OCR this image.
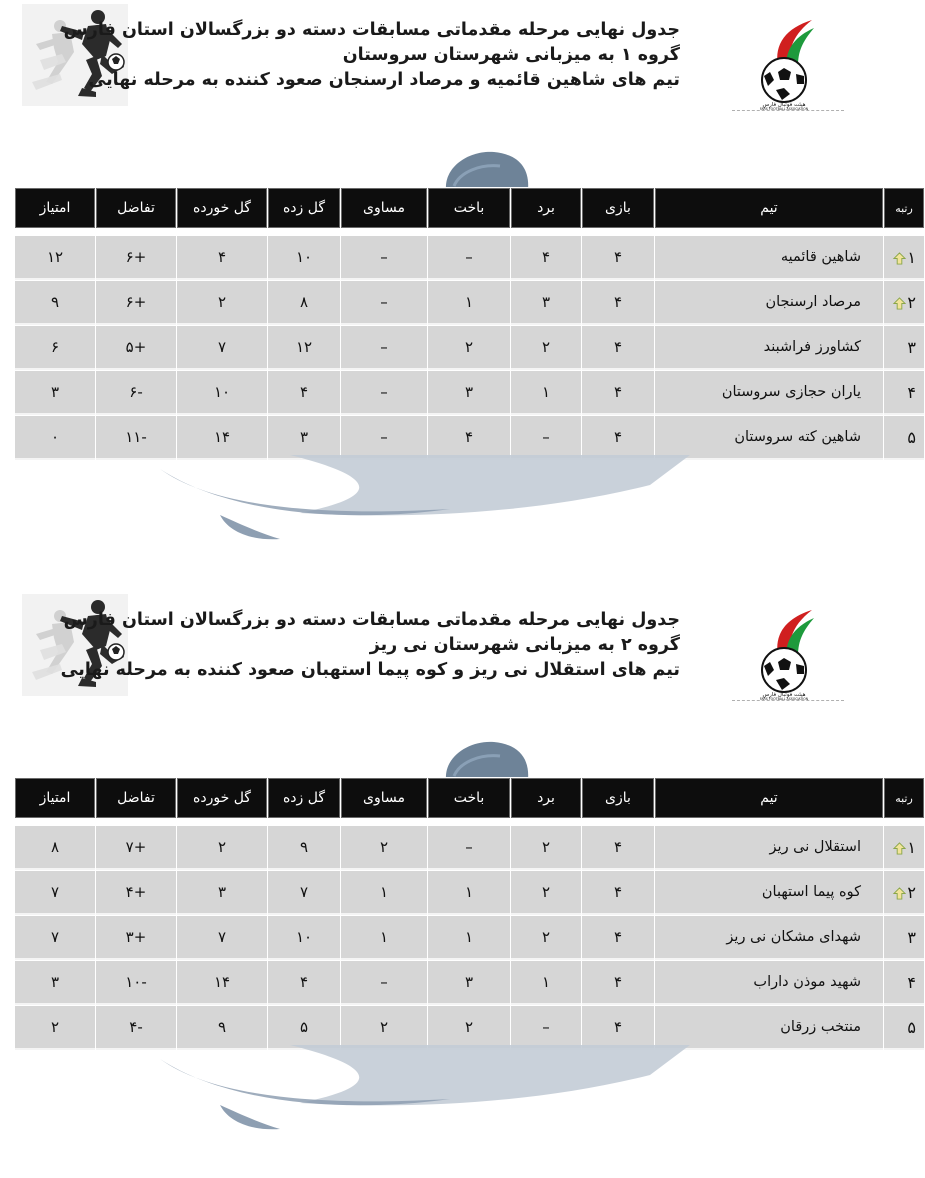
جدول نهایی مرحله مقدماتی مسابقات دسته دو بزرگسالان استان فارس
گروه ۱ به میزبانی شهرستان سروستان
تیم های شاهین قائمیه و مرصاد ارسنجان صعود کننده به مرحله نهایی
هیئت فوتبال فارس
FARS FOOTBALL ASSOCIATION
رتبه	تیم	بازی	برد	باخت	مساوی	گل زده	گل خورده	تفاضل	امتیاز

۱	شاهین قائمیه	۴	۴	–	–	۱۰	۴	+۶	۱۲
۲	مرصاد ارسنجان	۴	۳	۱	–	۸	۲	+۶	۹
۳	کشاورز فراشبند	۴	۲	۲	–	۱۲	۷	+۵	۶
۴	یاران حجازی سروستان	۴	۱	۳	–	۴	۱۰	-۶	۳
۵	شاهین کته سروستان	۴	–	۴	–	۳	۱۴	-۱۱	۰
جدول نهایی مرحله مقدماتی مسابقات دسته دو بزرگسالان استان فارس
گروه ۲ به میزبانی شهرستان نی ریز
تیم های استقلال نی ریز و کوه پیما استهبان صعود کننده به مرحله نهایی
هیئت فوتبال فارس
FARS FOOTBALL ASSOCIATION
رتبه	تیم	بازی	برد	باخت	مساوی	گل زده	گل خورده	تفاضل	امتیاز

۱	استقلال نی ریز	۴	۲	–	۲	۹	۲	+۷	۸
۲	کوه پیما استهبان	۴	۲	۱	۱	۷	۳	+۴	۷
۳	شهدای مشکان نی ریز	۴	۲	۱	۱	۱۰	۷	+۳	۷
۴	شهید موذن داراب	۴	۱	۳	–	۴	۱۴	-۱۰	۳
۵	منتخب زرقان	۴	–	۲	۲	۵	۹	-۴	۲
